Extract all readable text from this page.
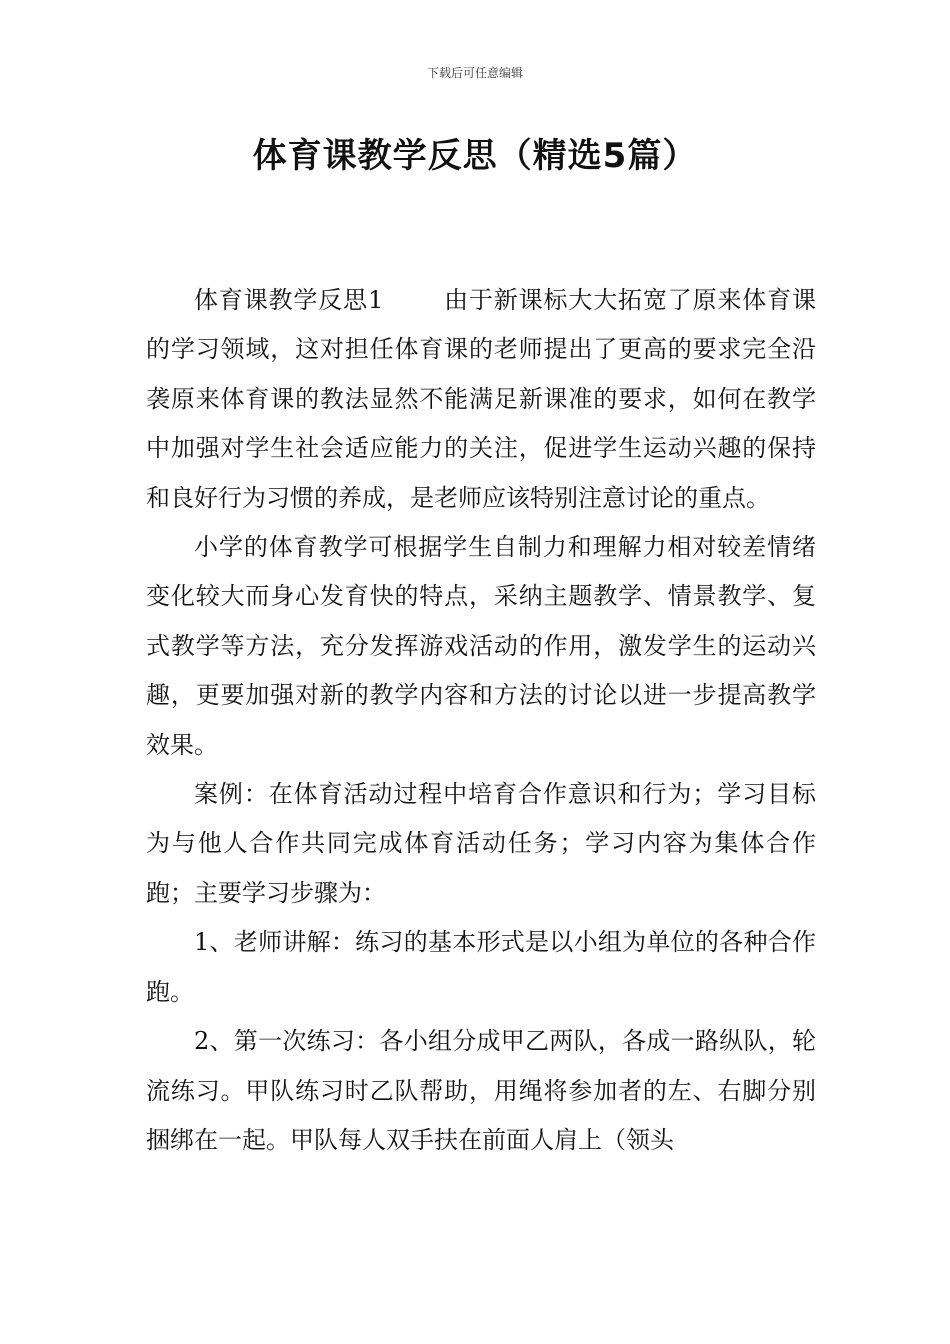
下载后可任意编辑
体育课教学反思（精选5篇）

体育课教学反思1	由于新课标大大拓宽了原来体育课的学习领域，这对担任体育课的老师提出了更高的要求完全沿袭原来体育课的教法显然不能满足新课准的要求，如何在教学中加强对学生社会适应能力的关注，促进学生运动兴趣的保持和良好行为习惯的养成，是老师应该特别注意讨论的重点。

小学的体育教学可根据学生自制力和理解力相对较差情绪变化较大而身心发育快的特点，采纳主题教学、情景教学、复式教学等方法，充分发挥游戏活动的作用，激发学生的运动兴趣，更要加强对新的教学内容和方法的讨论以进一步提高教学效果。

案例：在体育活动过程中培育合作意识和行为；学习目标为与他人合作共同完成体育活动任务；学习内容为集体合作跑；主要学习步骤为：

1、老师讲解：练习的基本形式是以小组为单位的各种合作跑。

2、第一次练习：各小组分成甲乙两队，各成一路纵队，轮流练习。甲队练习时乙队帮助，用绳将参加者的左、右脚分别捆绑在一起。甲队每人双手扶在前面人肩上（领头
